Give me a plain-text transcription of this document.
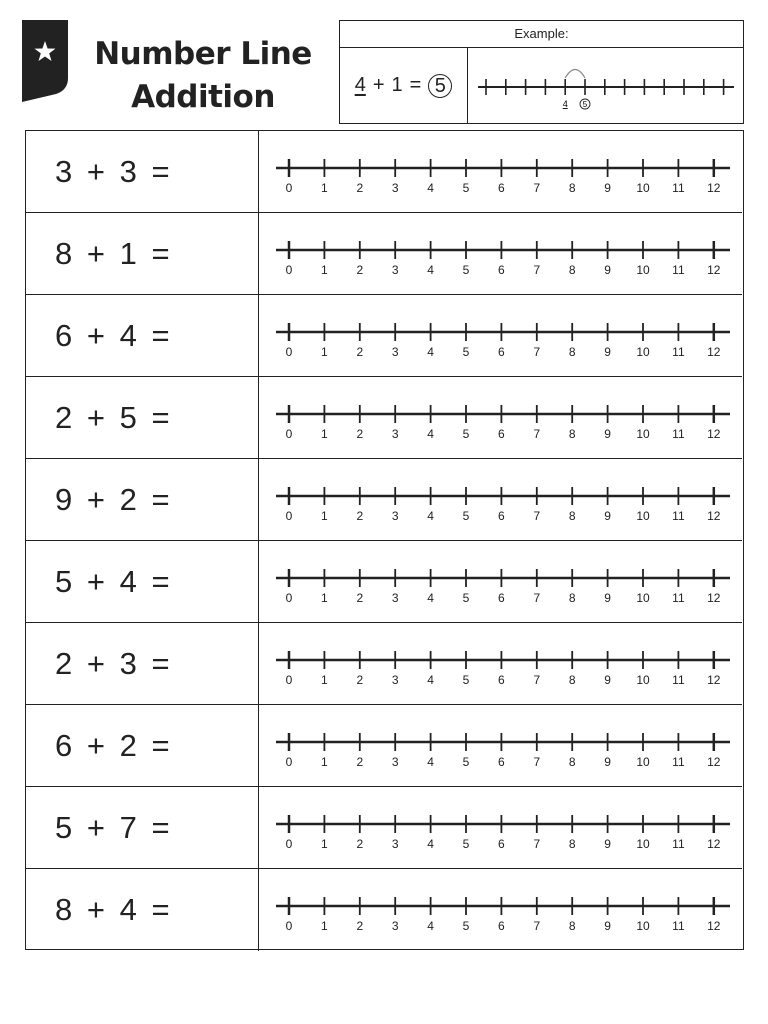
Number Line
Addition
Example:
4 + 1 = 5
4 5
3 + 3 =	0 1 2 3 4 5 6 7 8 9 10 11 12
8 + 1 =	0 1 2 3 4 5 6 7 8 9 10 11 12
6 + 4 =	0 1 2 3 4 5 6 7 8 9 10 11 12
2 + 5 =	0 1 2 3 4 5 6 7 8 9 10 11 12
9 + 2 =	0 1 2 3 4 5 6 7 8 9 10 11 12
5 + 4 =	0 1 2 3 4 5 6 7 8 9 10 11 12
2 + 3 =	0 1 2 3 4 5 6 7 8 9 10 11 12
6 + 2 =	0 1 2 3 4 5 6 7 8 9 10 11 12
5 + 7 =	0 1 2 3 4 5 6 7 8 9 10 11 12
8 + 4 =	0 1 2 3 4 5 6 7 8 9 10 11 12
